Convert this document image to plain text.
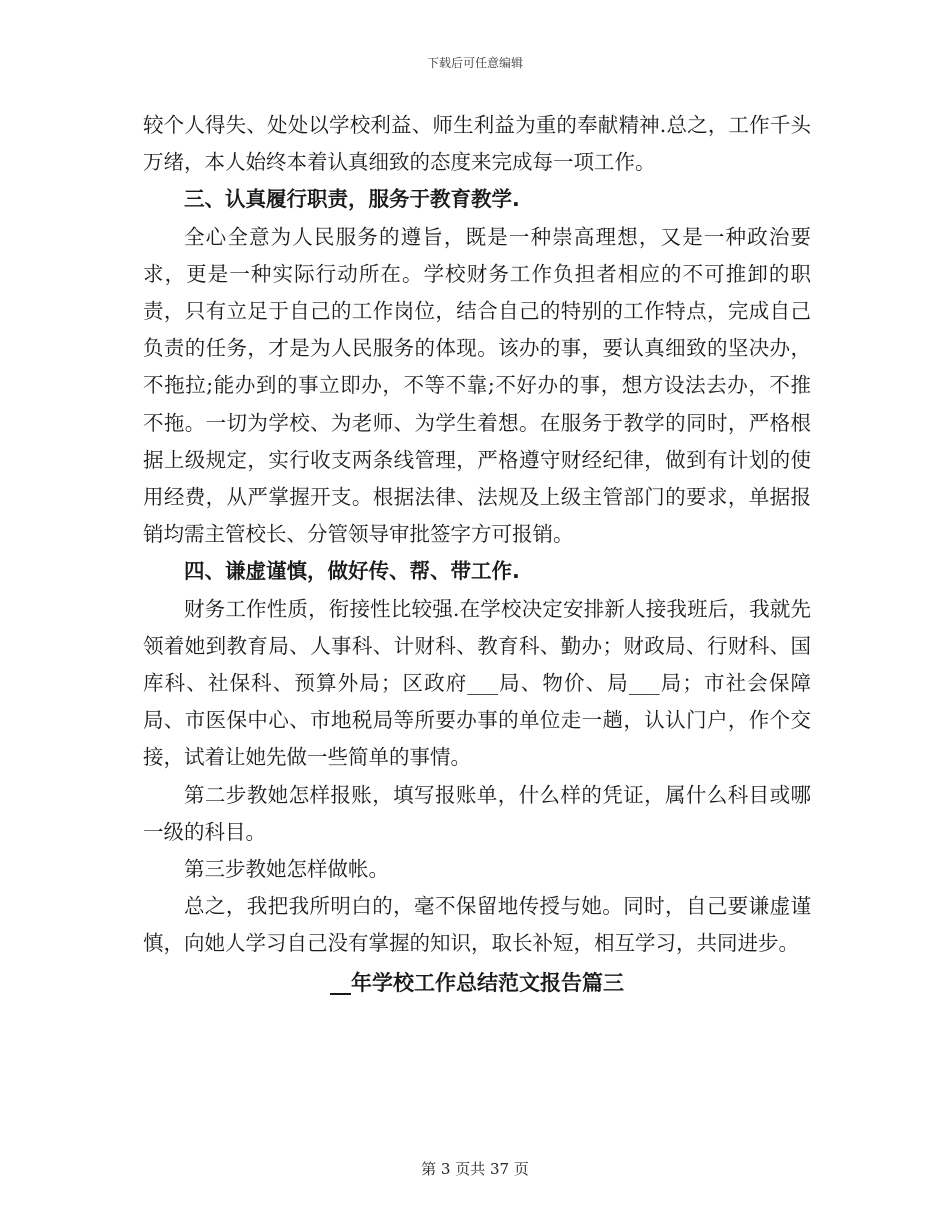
下载后可任意编辑

较个人得失、处处以学校利益、师生利益为重的奉献精神.总之，工作千头万绪，本人始终本着认真细致的态度来完成每一项工作。

三、认真履行职责，服务于教育教学.

全心全意为人民服务的遵旨，既是一种崇高理想，又是一种政治要求，更是一种实际行动所在。学校财务工作负担者相应的不可推卸的职责，只有立足于自己的工作岗位，结合自己的特别的工作特点，完成自己负责的任务，才是为人民服务的体现。该办的事，要认真细致的坚决办，不拖拉;能办到的事立即办，不等不靠;不好办的事，想方设法去办，不推不拖。一切为学校、为老师、为学生着想。在服务于教学的同时，严格根据上级规定，实行收支两条线管理，严格遵守财经纪律，做到有计划的使用经费，从严掌握开支。根据法律、法规及上级主管部门的要求，单据报销均需主管校长、分管领导审批签字方可报销。

四、谦虚谨慎，做好传、帮、带工作.

财务工作性质，衔接性比较强.在学校决定安排新人接我班后，我就先领着她到教育局、人事科、计财科、教育科、勤办；财政局、行财科、国库科、社保科、预算外局；区政府___局、物价、局___局；市社会保障局、市医保中心、市地税局等所要办事的单位走一趟，认认门户，作个交接，试着让她先做一些简单的事情。

第二步教她怎样报账，填写报账单，什么样的凭证，属什么科目或哪一级的科目。

第三步教她怎样做帐。

总之，我把我所明白的，毫不保留地传授与她。同时，自己要谦虚谨慎，向她人学习自己没有掌握的知识，取长补短，相互学习，共同进步。

__年学校工作总结范文报告篇三

第 3 页共 37 页
